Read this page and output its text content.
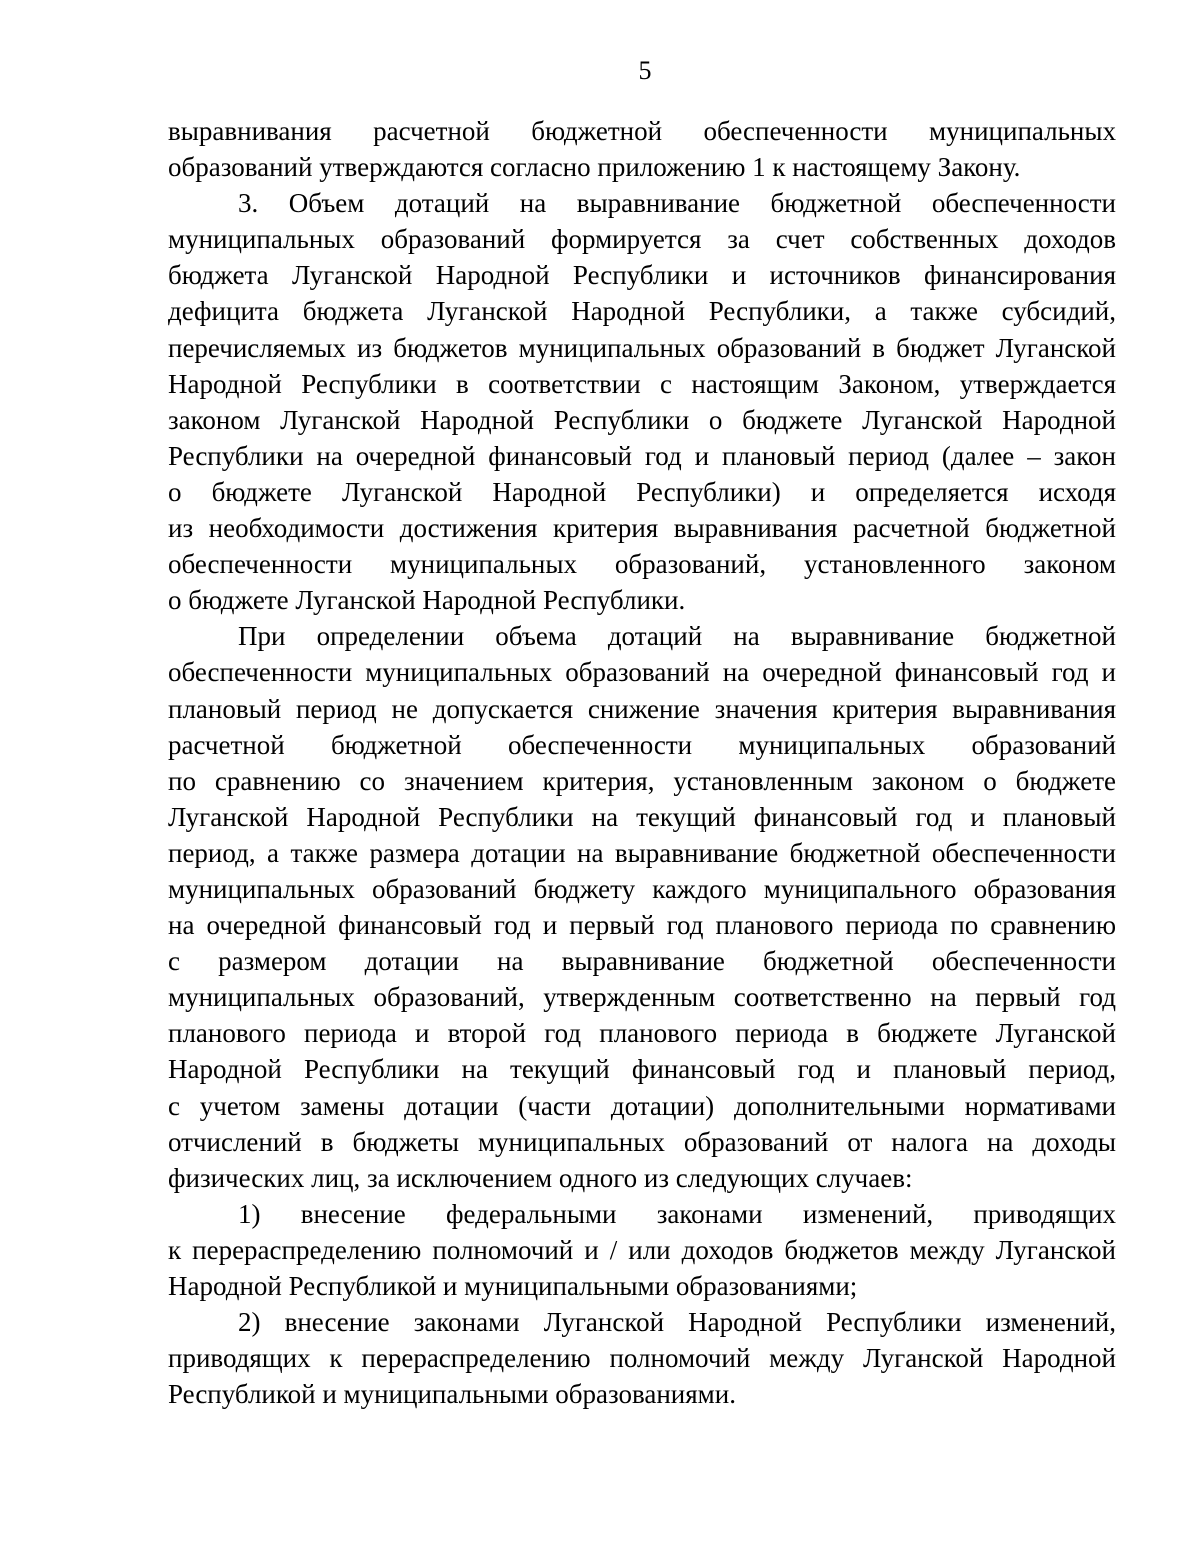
5

выравнивания расчетной бюджетной обеспеченности муниципальных
образований утверждаются согласно приложению 1 к настоящему Закону.

3. Объем дотаций на выравнивание бюджетной обеспеченности
муниципальных образований формируется за счет собственных доходов
бюджета Луганской Народной Республики и источников финансирования
дефицита бюджета Луганской Народной Республики, а также субсидий,
перечисляемых из бюджетов муниципальных образований в бюджет Луганской
Народной Республики в соответствии с настоящим Законом, утверждается
законом Луганской Народной Республики о бюджете Луганской Народной
Республики на очередной финансовый год и плановый период (далее – закон
о бюджете Луганской Народной Республики) и определяется исходя
из необходимости достижения критерия выравнивания расчетной бюджетной
обеспеченности муниципальных образований, установленного законом
о бюджете Луганской Народной Республики.

При определении объема дотаций на выравнивание бюджетной
обеспеченности муниципальных образований на очередной финансовый год и
плановый период не допускается снижение значения критерия выравнивания
расчетной бюджетной обеспеченности муниципальных образований
по сравнению со значением критерия, установленным законом о бюджете
Луганской Народной Республики на текущий финансовый год и плановый
период, а также размера дотации на выравнивание бюджетной обеспеченности
муниципальных образований бюджету каждого муниципального образования
на очередной финансовый год и первый год планового периода по сравнению
с размером дотации на выравнивание бюджетной обеспеченности
муниципальных образований, утвержденным соответственно на первый год
планового периода и второй год планового периода в бюджете Луганской
Народной Республики на текущий финансовый год и плановый период,
с учетом замены дотации (части дотации) дополнительными нормативами
отчислений в бюджеты муниципальных образований от налога на доходы
физических лиц, за исключением одного из следующих случаев:

1) внесение федеральными законами изменений, приводящих
к перераспределению полномочий и / или доходов бюджетов между Луганской
Народной Республикой и муниципальными образованиями;

2) внесение законами Луганской Народной Республики изменений,
приводящих к перераспределению полномочий между Луганской Народной
Республикой и муниципальными образованиями.
